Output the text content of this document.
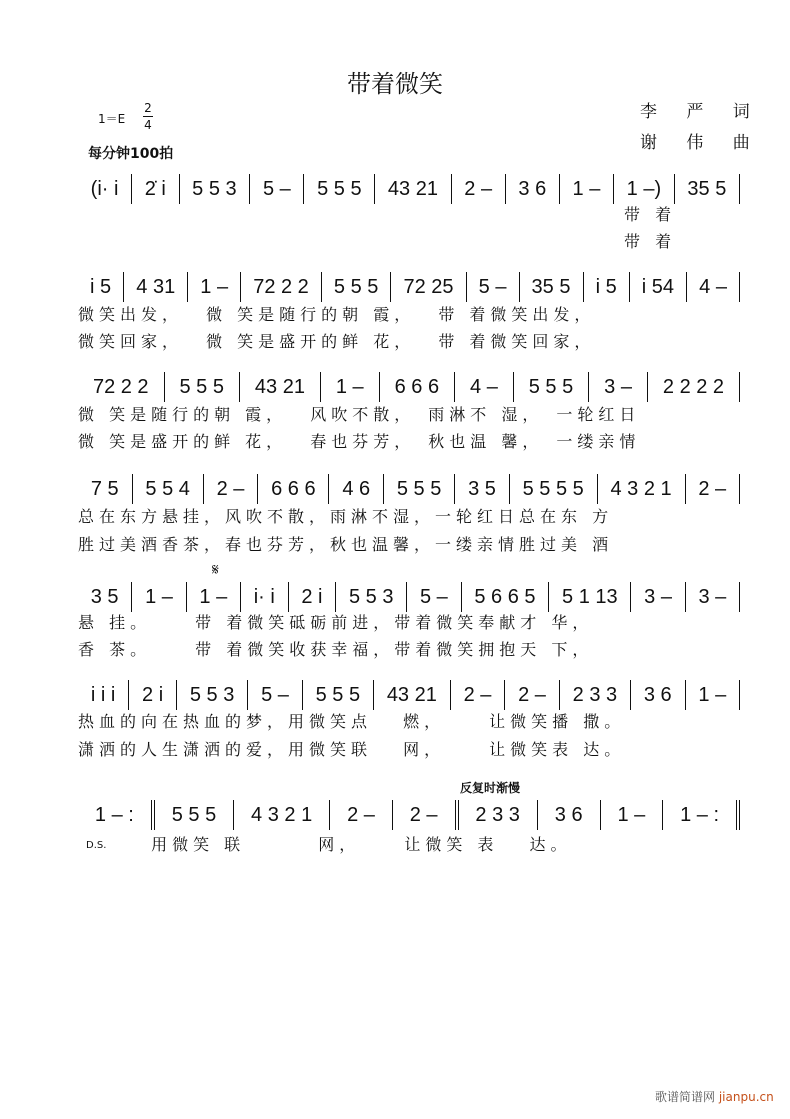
带着微笑
1＝E
2
4
每分钟100拍
李 严 词
谢 伟 曲
(i· i	2̇ i	5 5 3	5 –	5 5 5	43 21	2 –	3 6	1 –	1 –)	35 5
　　　　　　　　　　　　　　　　　　　　　　　　　　带 着
　　　　　　　　　　　　　　　　　　　　　　　　　　带 着
i 5	4 31	1 –	72 2 2	5 5 5	72 25	5 –	35 5	i 5	i 54	4 –
微笑出发，　 微 笑是随行的朝 霞，　 带 着微笑出发，
微笑回家，　 微 笑是盛开的鲜 花，　 带 着微笑回家，
72 2 2	5 5 5	43 21	1 –	6 6 6	4 –	5 5 5	3 –	2 2 2 2
微 笑是随行的朝 霞，　 风吹不散，　雨淋不 湿，　一轮红日
微 笑是盛开的鲜 花，　 春也芬芳，　秋也温 馨，　一缕亲情
7 5	5 5 4	2 –	6 6 6	4 6	5 5 5	3 5	5 5 5 5	4 3 2 1	2 –
总在东方悬挂，风吹不散，雨淋不湿，一轮红日总在东 方
胜过美酒香茶，春也芬芳，秋也温馨，一缕亲情胜过美 酒
3 5	1 –	1 –	i· i	2 i	5 5 3	5 –	5 6 6 5	5 1 13	3 –	3 –
悬 挂。　　 带 着微笑砥砺前进，带着微笑奉献才 华，
香 茶。　　 带 着微笑收获幸福，带着微笑拥抱天 下，
i i i	2 i	5 5 3	5 –	5 5 5	43 21	2 –	2 –	2 3 3	3 6	1 –
热血的向在热血的梦，用微笑点　 燃，　　 让微笑播 撒。
潇洒的人生潇洒的爱，用微笑联　 网，　　 让微笑表 达。
1 – :	5 5 5	4 3 2 1	2 –	2 –	2 3 3	3 6	1 –	1 – :
　 用微笑 联　　　 网，　　 让微笑 表　 达。
𝄋
D.S.
反复时渐慢
歌谱简谱网 jianpu.cn
